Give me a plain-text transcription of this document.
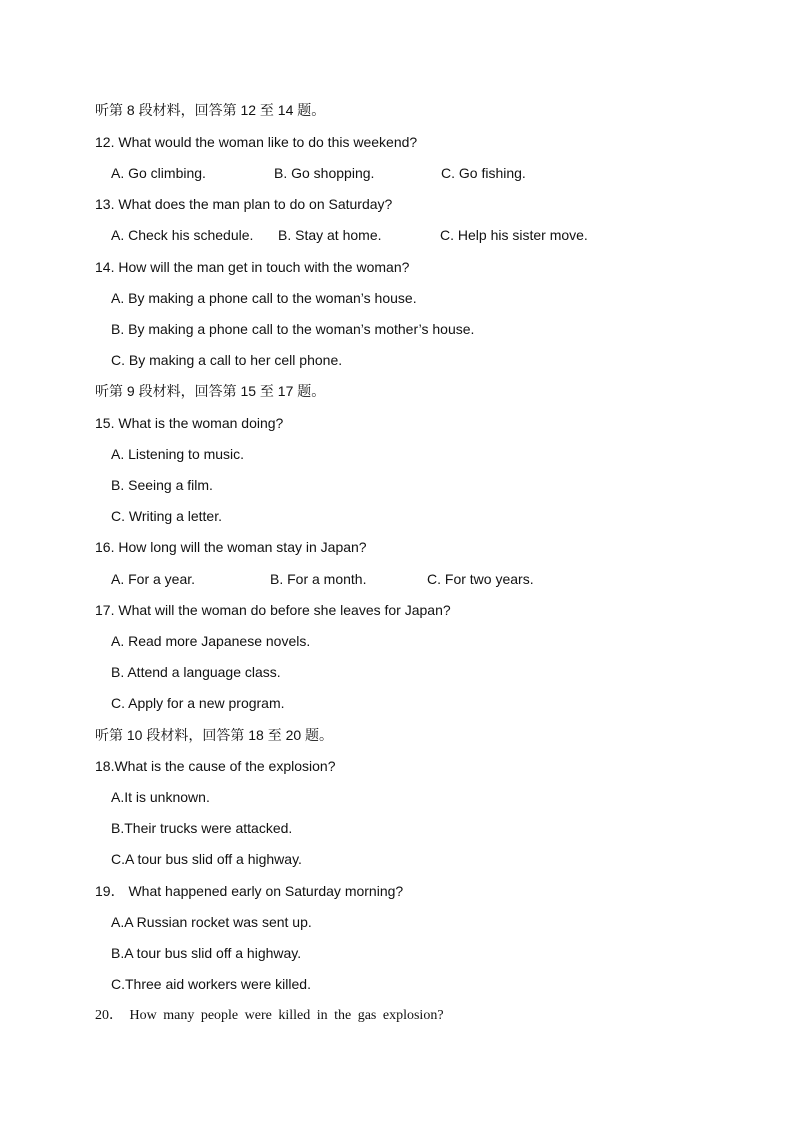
听第 8 段材料，回答第 12 至 14 题。
12. What would the woman like to do this weekend?
A. Go climbing.	B. Go shopping.	C. Go fishing.
13. What does the man plan to do on Saturday?
A. Check his schedule. B. Stay at home.	C. Help his sister move.
14. How will the man get in touch with the woman?
A. By making a phone call to the woman’s house.
B. By making a phone call to the woman’s mother’s house.
C. By making a call to her cell phone.
听第 9 段材料，回答第 15 至 17 题。
15. What is the woman doing?
A. Listening to music.
B. Seeing a film.
C. Writing a letter.
16. How long will the woman stay in Japan?
A. For a year.	B. For a month.	C. For two years.
17. What will the woman do before she leaves for Japan?
A. Read more Japanese novels.
B. Attend a language class.
C. Apply for a new program.
听第 10 段材料，回答第 18 至 20 题。
18.What is the cause of the explosion?
A.It is unknown.
B.Their trucks were attacked.
C.A tour bus slid off a highway.
19． What happened early on Saturday morning?
A.A Russian rocket was sent up.
B.A tour bus slid off a highway.
C.Three aid workers were killed.
20． How many people were killed in the gas explosion?
